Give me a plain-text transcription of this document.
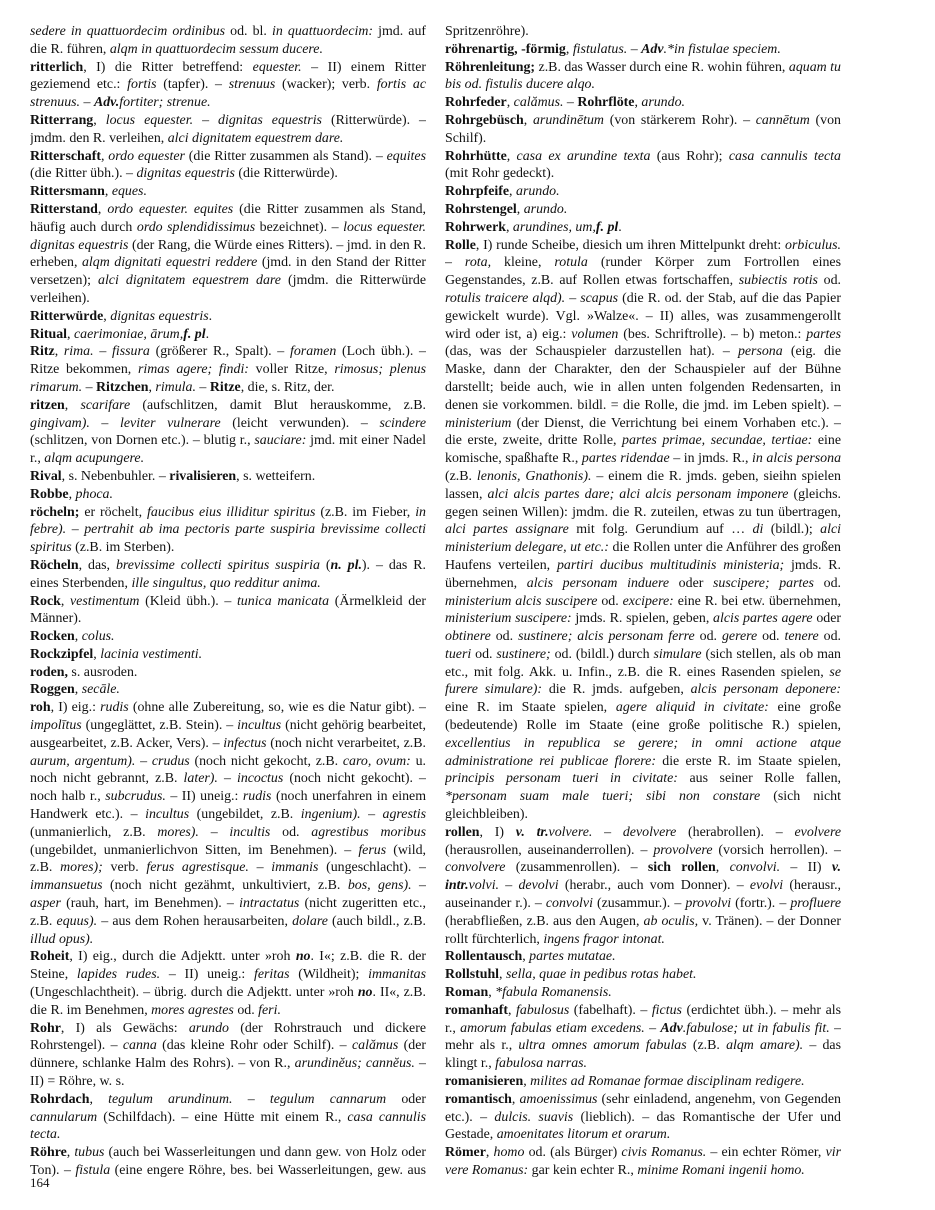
sedere in quattuordecim ordinibus od. bl. in quattuordecim: jmd. auf die R. führen, alqm in quattuordecim sessum ducere.
ritterlich, I) die Ritter betreffend: equester. – II) einem Ritter geziemend etc.: fortis (tapfer). – strenuus (wacker); verb. fortis ac strenuus. – Adv.fortiter; strenue.
Ritterrang, locus equester. – dignitas equestris (Ritterwürde). – jmdm. den R. verleihen, alci dignitatem equestrem dare.
Ritterschaft, ordo equester (die Ritter zusammen als Stand). – equites (die Ritter übh.). – dignitas equestris (die Ritterwürde).
Rittersmann, eques.
Ritterstand, ordo equester. equites (die Ritter zusammen als Stand, häufig auch durch ordo splendidissimus bezeichnet). – locus equester. dignitas equestris (der Rang, die Würde eines Ritters). – jmd. in den R. erheben, alqm dignitati equestri reddere (jmd. in den Stand der Ritter versetzen); alci dignitatem equestrem dare (jmdm. die Ritterwürde verleihen).
Ritterwürde, dignitas equestris.
Ritual, caerimoniae, ārum,f. pl.
Ritz, rima. – fissura (größerer R., Spalt). – foramen (Loch übh.). – Ritze bekommen, rimas agere; findi: voller Ritze, rimosus; plenus rimarum. – Ritzchen, rimula. – Ritze, die, s. Ritz, der.
ritzen, scarifare (aufschlitzen, damit Blut herauskomme, z.B. gingivam). – leviter vulnerare (leicht verwunden). – scindere (schlitzen, von Dornen etc.). – blutig r., sauciare: jmd. mit einer Nadel r., alqm acupungere.
Rival, s. Nebenbuhler. – rivalisieren, s. wetteifern.
Robbe, phoca.
röcheln; er röchelt, faucibus eius illiditur spiritus (z.B. im Fieber, in febre). – pertrahit ab ima pectoris parte suspiria brevissime collecti spiritus (z.B. im Sterben).
Röcheln, das, brevissime collecti spiritus suspiria (n. pl.). – das R. eines Sterbenden, ille singultus, quo redditur anima.
Rock, vestimentum (Kleid übh.). – tunica manicata (Ärmelkleid der Männer).
Rocken, colus.
Rockzipfel, lacinia vestimenti.
roden, s. ausroden.
Roggen, secāle.
roh, I) eig.: rudis (ohne alle Zubereitung, so, wie es die Natur gibt). – impolītus (ungeglättet, z.B. Stein). – incultus (nicht gehörig bearbeitet, ausgearbeitet, z.B. Acker, Vers). – infectus (noch nicht verarbeitet, z.B. aurum, argentum). – crudus (noch nicht gekocht, z.B. caro, ovum: u. noch nicht gebrannt, z.B. later). – incoctus (noch nicht gekocht). – noch halb r., subcrudus. – II) uneig.: rudis (noch unerfahren in einem Handwerk etc.). – incultus (ungebildet, z.B. ingenium). – agrestis (unmanierlich, z.B. mores). – incultis od. agrestibus moribus (ungebildet, unmanierlichvon Sitten, im Benehmen). – ferus (wild, z.B. mores); verb. ferus agrestisque. – immanis (ungeschlacht). – immansuetus (noch nicht gezähmt, unkultiviert, z.B. bos, gens). – asper (rauh, hart, im Benehmen). – intractatus (nicht zugeritten etc., z.B. equus). – aus dem Rohen herausarbeiten, dolare (auch bildl., z.B. illud opus).
Roheit, I) eig., durch die Adjektt. unter »roh no. I«; z.B. die R. der Steine, lapides rudes. – II) uneig.: feritas (Wildheit); immanitas (Ungeschlachtheit). – übrig. durch die Adjektt. unter »roh no. II«, z.B. die R. im Benehmen, mores agrestes od. feri.
Rohr, I) als Gewächs: arundo (der Rohrstrauch und dickere Rohrstengel). – canna (das kleine Rohr oder Schilf). – calămus (der dünnere, schlanke Halm des Rohrs). – von R., arundinĕus; cannĕus. – II) = Röhre, w. s.
Rohrdach, tegulum arundinum. – tegulum cannarum oder cannularum (Schilfdach). – eine Hütte mit einem R., casa cannulis tecta.
Röhre, tubus (auch bei Wasserleitungen und dann gew. von Holz oder Ton). – fistula (eine engere Röhre, bes. bei Wasserleitungen, gew. aus
Spritzenröhre).
röhrenartig, -förmig, fistulatus. – Adv.*in fistulae speciem.
Röhrenleitung; z.B. das Wasser durch eine R. wohin führen, aquam tu bis od. fistulis ducere alqo.
Rohrfeder, calămus. – Rohrflöte, arundo.
Rohrgebüsch, arundinētum (von stärkerem Rohr). – cannētum (von Schilf).
Rohrhütte, casa ex arundine texta (aus Rohr); casa cannulis tecta (mit Rohr gedeckt).
Rohrpfeife, arundo.
Rohrstengel, arundo.
Rohrwerk, arundines, um,f. pl.
Rolle, I) runde Scheibe, diesich um ihren Mittelpunkt dreht: orbiculus. – rota, kleine, rotula (runder Körper zum Fortrollen eines Gegenstandes, z.B. auf Rollen etwas fortschaffen, subiectis rotis od. rotulis traicere alqd). – scapus (die R. od. der Stab, auf die das Papier gewickelt wurde). Vgl. »Walze«. – II) alles, was zusammengerollt wird oder ist, a) eig.: volumen (bes. Schriftrolle). – b) meton.: partes (das, was der Schauspieler darzustellen hat). – persona (eig. die Maske, dann der Charakter, den der Schauspieler auf der Bühne darstellt; beide auch, wie in allen unten folgenden Redensarten, in denen sie vorkommen. bildl. = die Rolle, die jmd. im Leben spielt). – ministerium (der Dienst, die Verrichtung bei einem Vorhaben etc.). – die erste, zweite, dritte Rolle, partes primae, secundae, tertiae: eine komische, spaßhafte R., partes ridendae – in jmds. R., in alcis persona (z.B. lenonis, Gnathonis). – einem die R. jmds. geben, sieihn spielen lassen, alci alcis partes dare; alci alcis personam imponere (gleichs. gegen seinen Willen): jmdm. die R. zuteilen, etwas zu tun übertragen, alci partes assignare mit folg. Gerundium auf … di (bildl.); alci ministerium delegare, ut etc.: die Rollen unter die Anführer des großen Haufens verteilen, partiri ducibus multitudinis ministeria; jmds. R. übernehmen, alcis personam induere oder suscipere; partes od. ministerium alcis suscipere od. excipere: eine R. bei etw. übernehmen, ministerium suscipere: jmds. R. spielen, geben, alcis partes agere oder obtinere od. sustinere; alcis personam ferre od. gerere od. tenere od. tueri od. sustinere; od. (bildl.) durch simulare (sich stellen, als ob man etc., mit folg. Akk. u. Infin., z.B. die R. eines Rasenden spielen, se furere simulare): die R. jmds. aufgeben, alcis personam deponere: eine R. im Staate spielen, agere aliquid in civitate: eine große (bedeutende) Rolle im Staate (eine große politische R.) spielen, excellentius in republica se gerere; in omni actione atque administratione rei publicae florere: die erste R. im Staate spielen, principis personam tueri in civitate: aus seiner Rolle fallen, *personam suam male tueri; sibi non constare (sich nicht gleichbleiben).
rollen, I) v. tr.volvere. – devolvere (herabrollen). – evolvere (herausrollen, auseinanderrollen). – provolvere (vorsich herrollen). – convolvere (zusammenrollen). – sich rollen, convolvi. – II) v. intr.volvi. – devolvi (herabr., auch vom Donner). – evolvi (herausr., auseinander r.). – convolvi (zusammur.). – provolvi (fortr.). – profluere (herabfließen, z.B. aus den Augen, ab oculis, v. Tränen). – der Donner rollt fürchterlich, ingens fragor intonat.
Rollentausch, partes mutatae.
Rollstuhl, sella, quae in pedibus rotas habet.
Roman, *fabula Romanensis.
romanhaft, fabulosus (fabelhaft). – fictus (erdichtet übh.). – mehr als r., amorum fabulas etiam excedens. – Adv.fabulose; ut in fabulis fit. – mehr als r., ultra omnes amorum fabulas (z.B. alqm amare). – das klingt r., fabulosa narras.
romanisieren, milites ad Romanae formae disciplinam redigere.
romantisch, amoenissimus (sehr einladend, angenehm, von Gegenden etc.). – dulcis. suavis (lieblich). – das Romantische der Ufer und Gestade, amoenitates litorum et orarum.
Römer, homo od. (als Bürger) civis Romanus. – ein echter Römer, vir vere Romanus: gar kein echter R., minime Romani ingenii homo.
164
